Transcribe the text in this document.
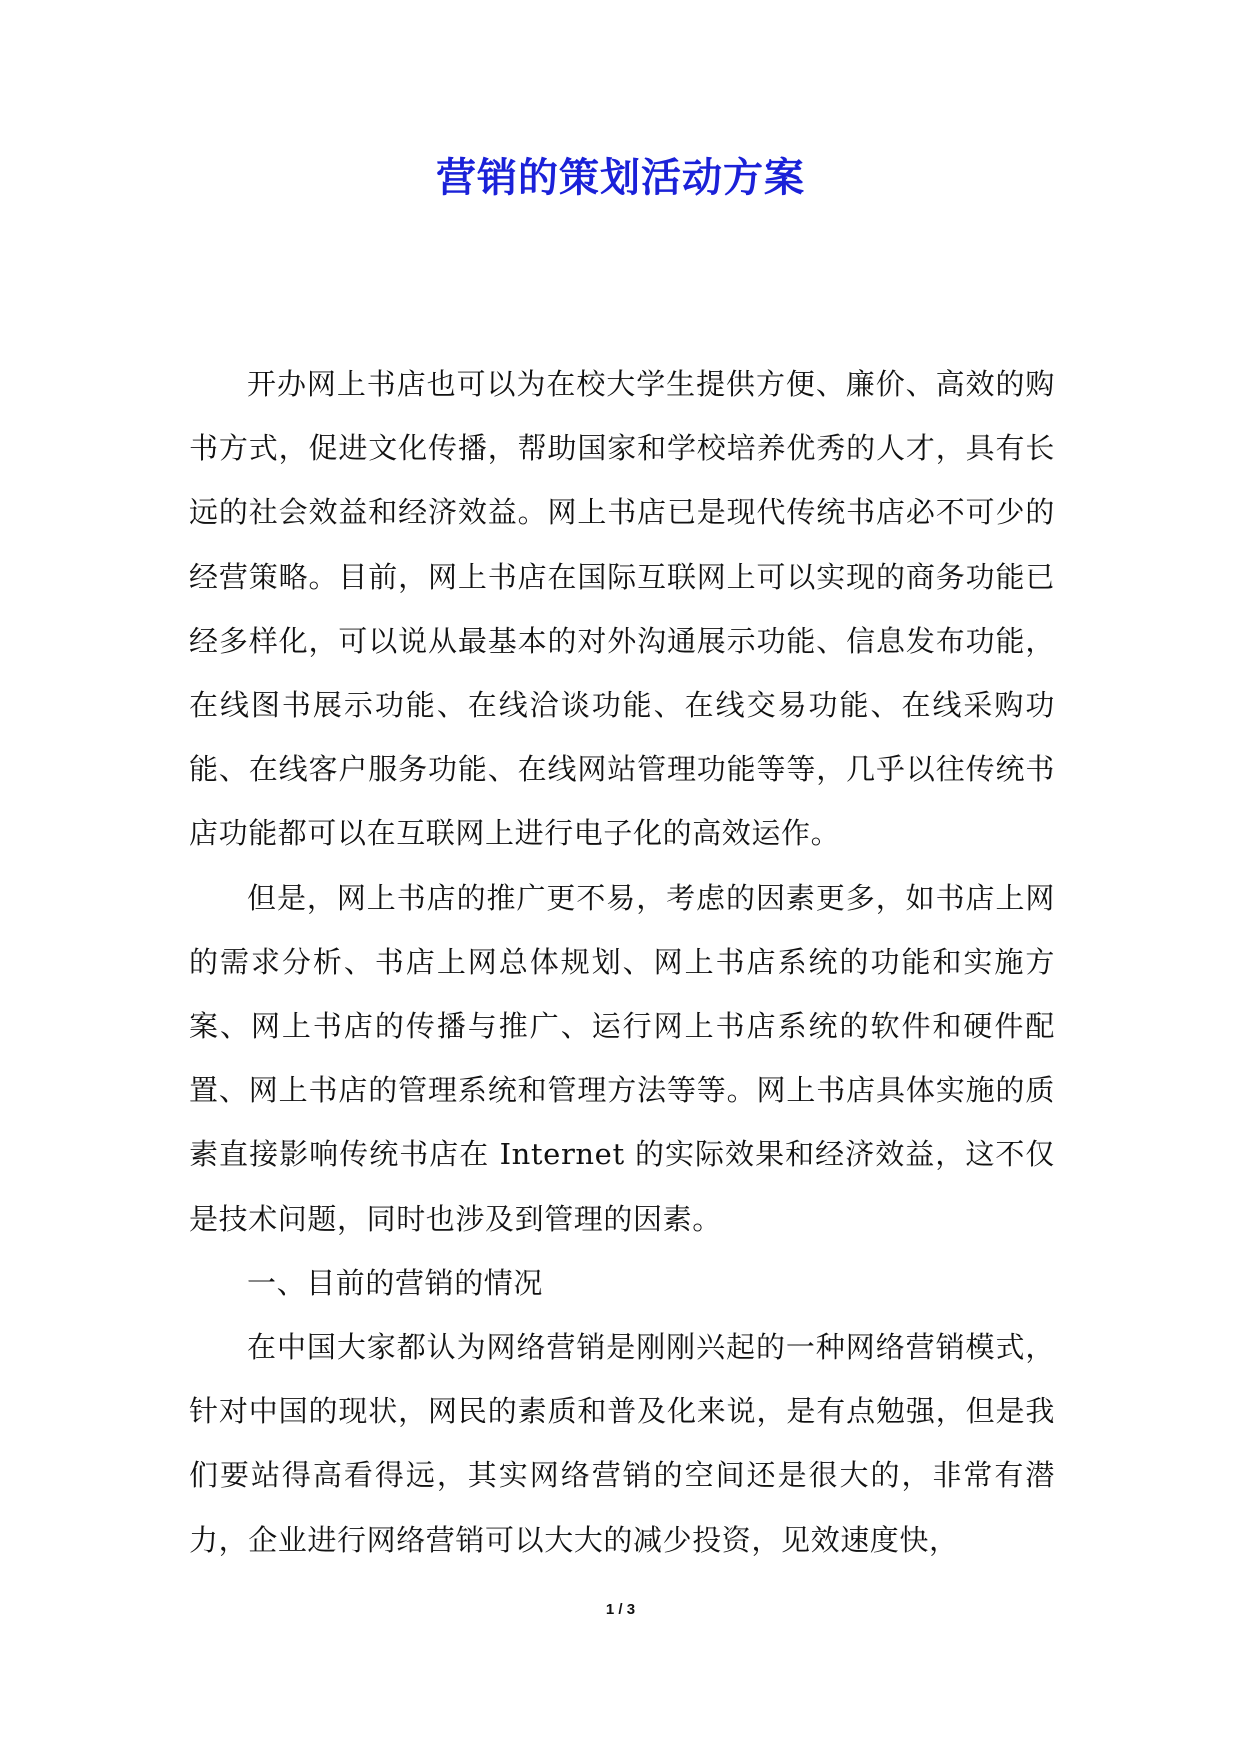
营销的策划活动方案

开办网上书店也可以为在校大学生提供方便、廉价、高效的购书方式，促进文化传播，帮助国家和学校培养优秀的人才，具有长远的社会效益和经济效益。网上书店已是现代传统书店必不可少的经营策略。目前，网上书店在国际互联网上可以实现的商务功能已经多样化，可以说从最基本的对外沟通展示功能、信息发布功能，在线图书展示功能、在线洽谈功能、在线交易功能、在线采购功能、在线客户服务功能、在线网站管理功能等等，几乎以往传统书店功能都可以在互联网上进行电子化的高效运作。

但是，网上书店的推广更不易，考虑的因素更多，如书店上网的需求分析、书店上网总体规划、网上书店系统的功能和实施方案、网上书店的传播与推广、运行网上书店系统的软件和硬件配置、网上书店的管理系统和管理方法等等。网上书店具体实施的质素直接影响传统书店在 Internet 的实际效果和经济效益，这不仅是技术问题，同时也涉及到管理的因素。

一、目前的营销的情况

在中国大家都认为网络营销是刚刚兴起的一种网络营销模式，针对中国的现状，网民的素质和普及化来说，是有点勉强，但是我们要站得高看得远，其实网络营销的空间还是很大的，非常有潜力，企业进行网络营销可以大大的减少投资，见效速度快，

1 / 3
